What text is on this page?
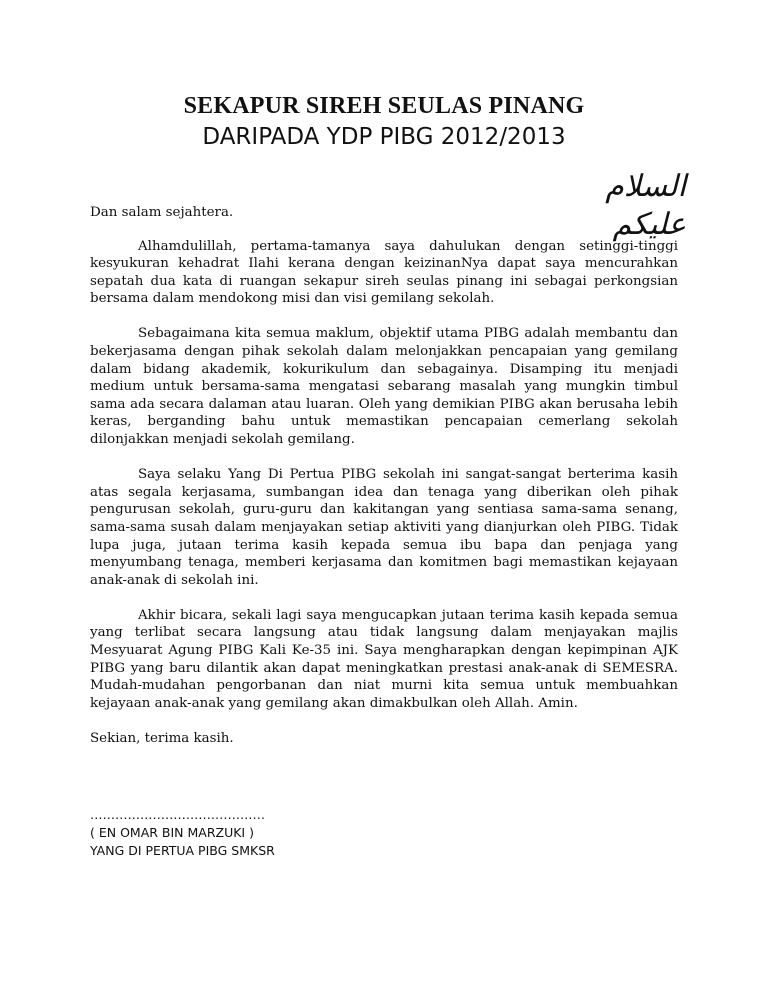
SEKAPUR SIREH SEULAS PINANG
DARIPADA YDP PIBG 2012/2013
السلام عليكم

Dan salam sejahtera.

Alhamdulillah, pertama-tamanya saya dahulukan dengan setinggi-tinggi kesyukuran kehadrat Ilahi kerana dengan keizinanNya dapat saya mencurahkan sepatah dua kata di ruangan sekapur sireh seulas pinang ini sebagai perkongsian bersama dalam mendokong misi dan visi gemilang sekolah.

Sebagaimana kita semua maklum, objektif utama PIBG adalah membantu dan bekerjasama dengan pihak sekolah dalam melonjakkan pencapaian yang gemilang dalam bidang akademik, kokurikulum dan sebagainya. Disamping itu menjadi medium untuk bersama-sama mengatasi sebarang masalah yang mungkin timbul sama ada secara dalaman atau luaran. Oleh yang demikian PIBG akan berusaha lebih keras, berganding bahu untuk memastikan pencapaian cemerlang sekolah dilonjakkan menjadi sekolah gemilang.

Saya selaku Yang Di Pertua PIBG sekolah ini sangat-sangat berterima kasih atas segala kerjasama, sumbangan idea dan tenaga yang diberikan oleh pihak pengurusan sekolah, guru-guru dan kakitangan yang sentiasa sama-sama senang, sama-sama susah dalam menjayakan setiap aktiviti yang dianjurkan oleh PIBG. Tidak lupa juga, jutaan terima kasih kepada semua ibu bapa dan penjaga yang menyumbang tenaga, memberi kerjasama dan komitmen bagi memastikan kejayaan anak-anak di sekolah ini.

Akhir bicara, sekali lagi saya mengucapkan jutaan terima kasih kepada semua yang terlibat secara langsung atau tidak langsung dalam menjayakan majlis Mesyuarat Agung PIBG Kali Ke-35 ini. Saya mengharapkan dengan kepimpinan AJK PIBG yang baru dilantik akan dapat meningkatkan prestasi anak-anak di SEMESRA. Mudah-mudahan pengorbanan dan niat murni kita semua untuk membuahkan kejayaan anak-anak yang gemilang akan dimakbulkan oleh Allah. Amin.

Sekian, terima kasih.

……………………………………
( EN OMAR BIN MARZUKI )
YANG DI PERTUA PIBG SMKSR
